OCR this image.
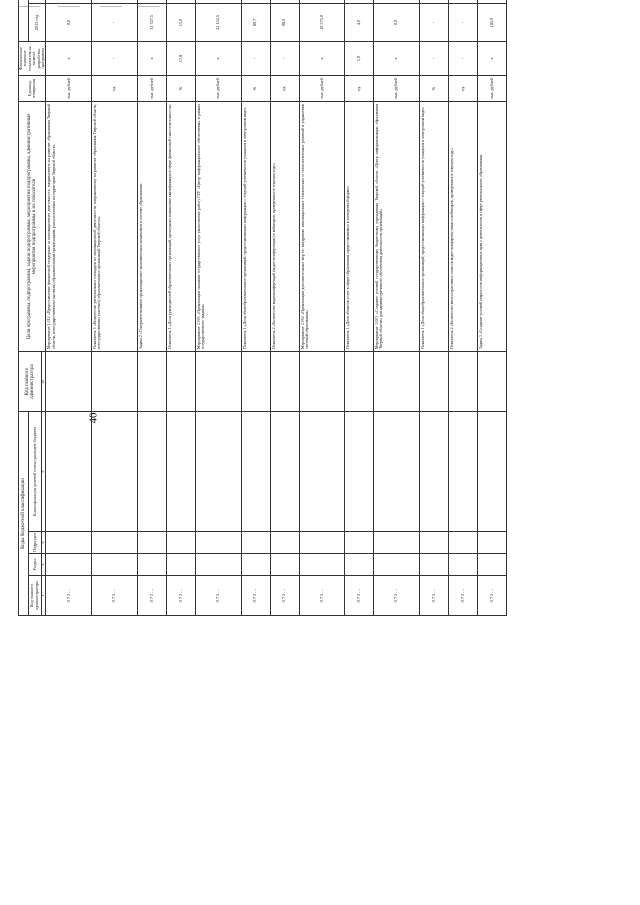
40
Коды бюджетной классификации				Код главного администратора	Цели программы, подпрограммы, задачи подпрограммы, мероприятия подпрограммы, административные мероприятия подпрограммы и их показатели	Единица измерения	Фактическое значение показателя на момент разработки программы		
Код главного администратора	Раздел	Подраздел	Классификация целевой статьи расходов бюджета					2015 год							
1	4	6	8	18											
0 7 5 …					Мероприятие 1.012 «Предоставление финансовой поддержки за инновационную деятельность, направленную на развитие образования Тверской области, негосударственным (частным) образовательным организациям, расположенным на территории Тверской области»	тыс. рублей	x	0,0							
0 7 5 …					Показатель 1 «Количество региональных площадок по инновационной деятельности, направленному на развитие образования Тверской области, негосударственных (частных) образовательных организаций Тверской области»	ед.	-	-							
0 7 5 …					Задача 2 «Совершенствование организационно-экономических механизмов в системе образования»	тыс. рублей	x	31 727,5							
0 7 5 …					Показатель 1 «Доля руководителей образовательных организаций, прошедших повышение квалификации в сфере финансовой самостоятельности»	%	17,8	15,0							
0 7 5 …					Мероприятие 2.001 «Организация оказания государственных услуг (выполнение работ) ГБУ «Центр информационного обеспечения» в рамках государственного задания»	тыс. рублей	x	21 152,5							
0 7 5 …					Показатель 1 «Доля общеобразовательных организаций, предоставляющих информацию о текущей успеваемости учащихся в электронном виде»	%	-	89,7							
0 7 5 …					Показатель 2 «Количество видеоконференций (видео-конференции) и вебинаров, проведенных в текущем году»	ед.	-	98,0							
0 7 5 …					Мероприятие 2.002 «Организация дополнительных мер по внедрению инновационных технических и технологических решений в управлении системой образования»	тыс. рублей	x	10 575,0							
0 7 5 …					Показатель 1 «Доля объектов услуг в сфере образования, предоставляемых в электронной форме»	ед.	1,0	4,0							
0 7 5 …					Мероприятие 2.003 «Создание условий государственному бюджетному учреждению Тверской области «Центр информатизации образования Тверской области» для административного обеспечения деятельности организаций»	тыс. рублей	x	0,0							
0 7 5 …					Показатель 1 «Доля общеобразовательных организаций, предоставляющих информацию о текущей успеваемости учащихся в электронном виде»	%	-	-							
0 7 5 …					Показатель 2 «Количество многоотраслевых сеансов видео-конференц-связи и вебинаров, проведенных в текущем году»	ед.	-	-							
0 7 5 …					Задача 3 «Создание условий открытости информационных прав о деятельности в сфере регионального образования»	тыс. рублей	x	185,0							
